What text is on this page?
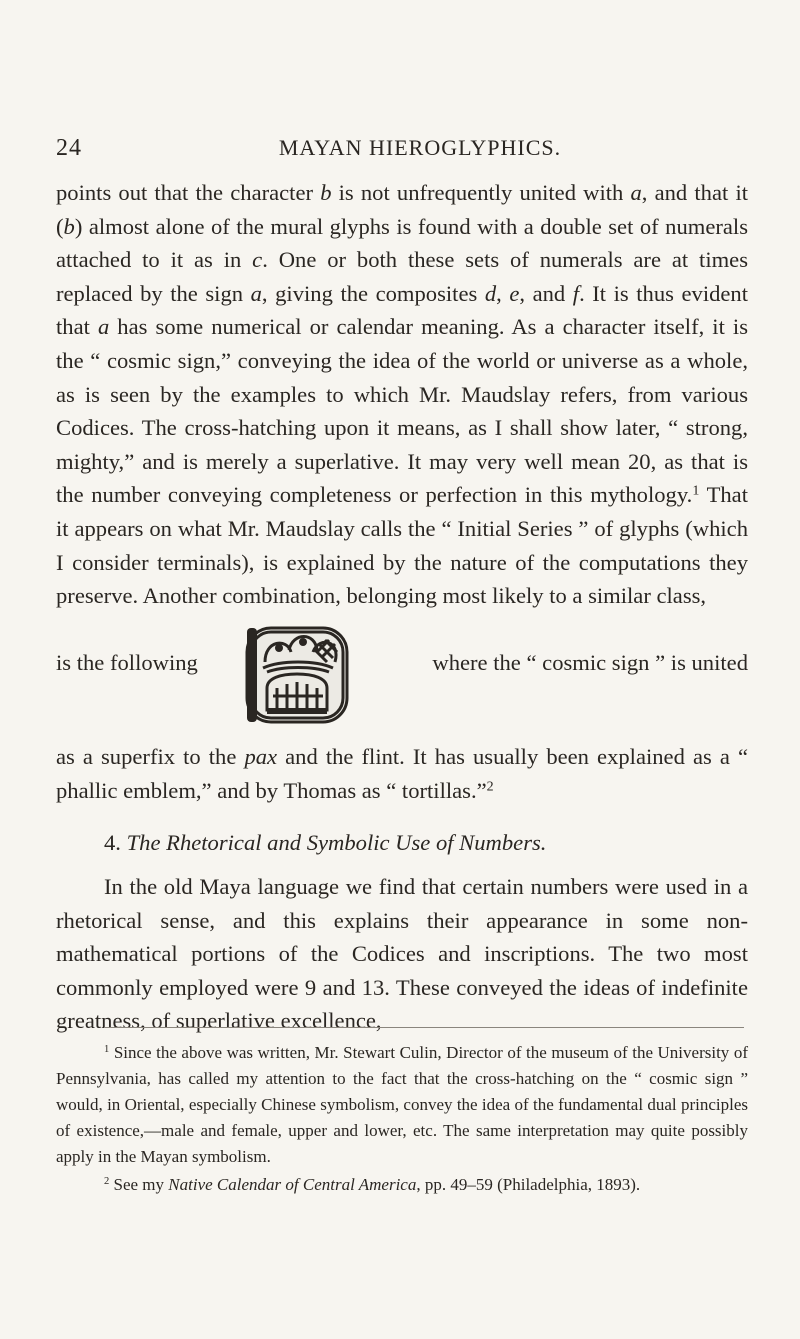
24	MAYAN HIEROGLYPHICS.

points out that the character b is not unfrequently united with a, and that it (b) almost alone of the mural glyphs is found with a double set of numerals attached to it as in c. One or both these sets of numerals are at times replaced by the sign a, giving the composites d, e, and f. It is thus evident that a has some numerical or calendar meaning. As a character itself, it is the “ cosmic sign,” conveying the idea of the world or universe as a whole, as is seen by the examples to which Mr. Maudslay refers, from various Codices. The cross-hatching upon it means, as I shall show later, “ strong, mighty,” and is merely a superlative. It may very well mean 20, as that is the number conveying completeness or perfection in this mythology.$^1$ That it appears on what Mr. Maudslay calls the “ Initial Series ” of glyphs (which I consider terminals), is explained by the nature of the computations they preserve. Another combination, belonging most likely to a similar class,

is the following	where the “ cosmic sign ” is united

as a superfix to the pax and the flint. It has usually been explained as a “ phallic emblem,” and by Thomas as “ tortillas.”$^2$

4. The Rhetorical and Symbolic Use of Numbers.

In the old Maya language we find that certain numbers were used in a rhetorical sense, and this explains their appearance in some non-mathematical portions of the Codices and inscriptions. The two most commonly employed were 9 and 13. These conveyed the ideas of indefinite greatness, of superlative excellence,

$^1$ Since the above was written, Mr. Stewart Culin, Director of the museum of the University of Pennsylvania, has called my attention to the fact that the cross-hatching on the “ cosmic sign ” would, in Oriental, especially Chinese symbolism, convey the idea of the fundamental dual principles of existence,—male and female, upper and lower, etc. The same interpretation may quite possibly apply in the Mayan symbolism.

$^2$ See my Native Calendar of Central America, pp. 49–59 (Philadelphia, 1893).
